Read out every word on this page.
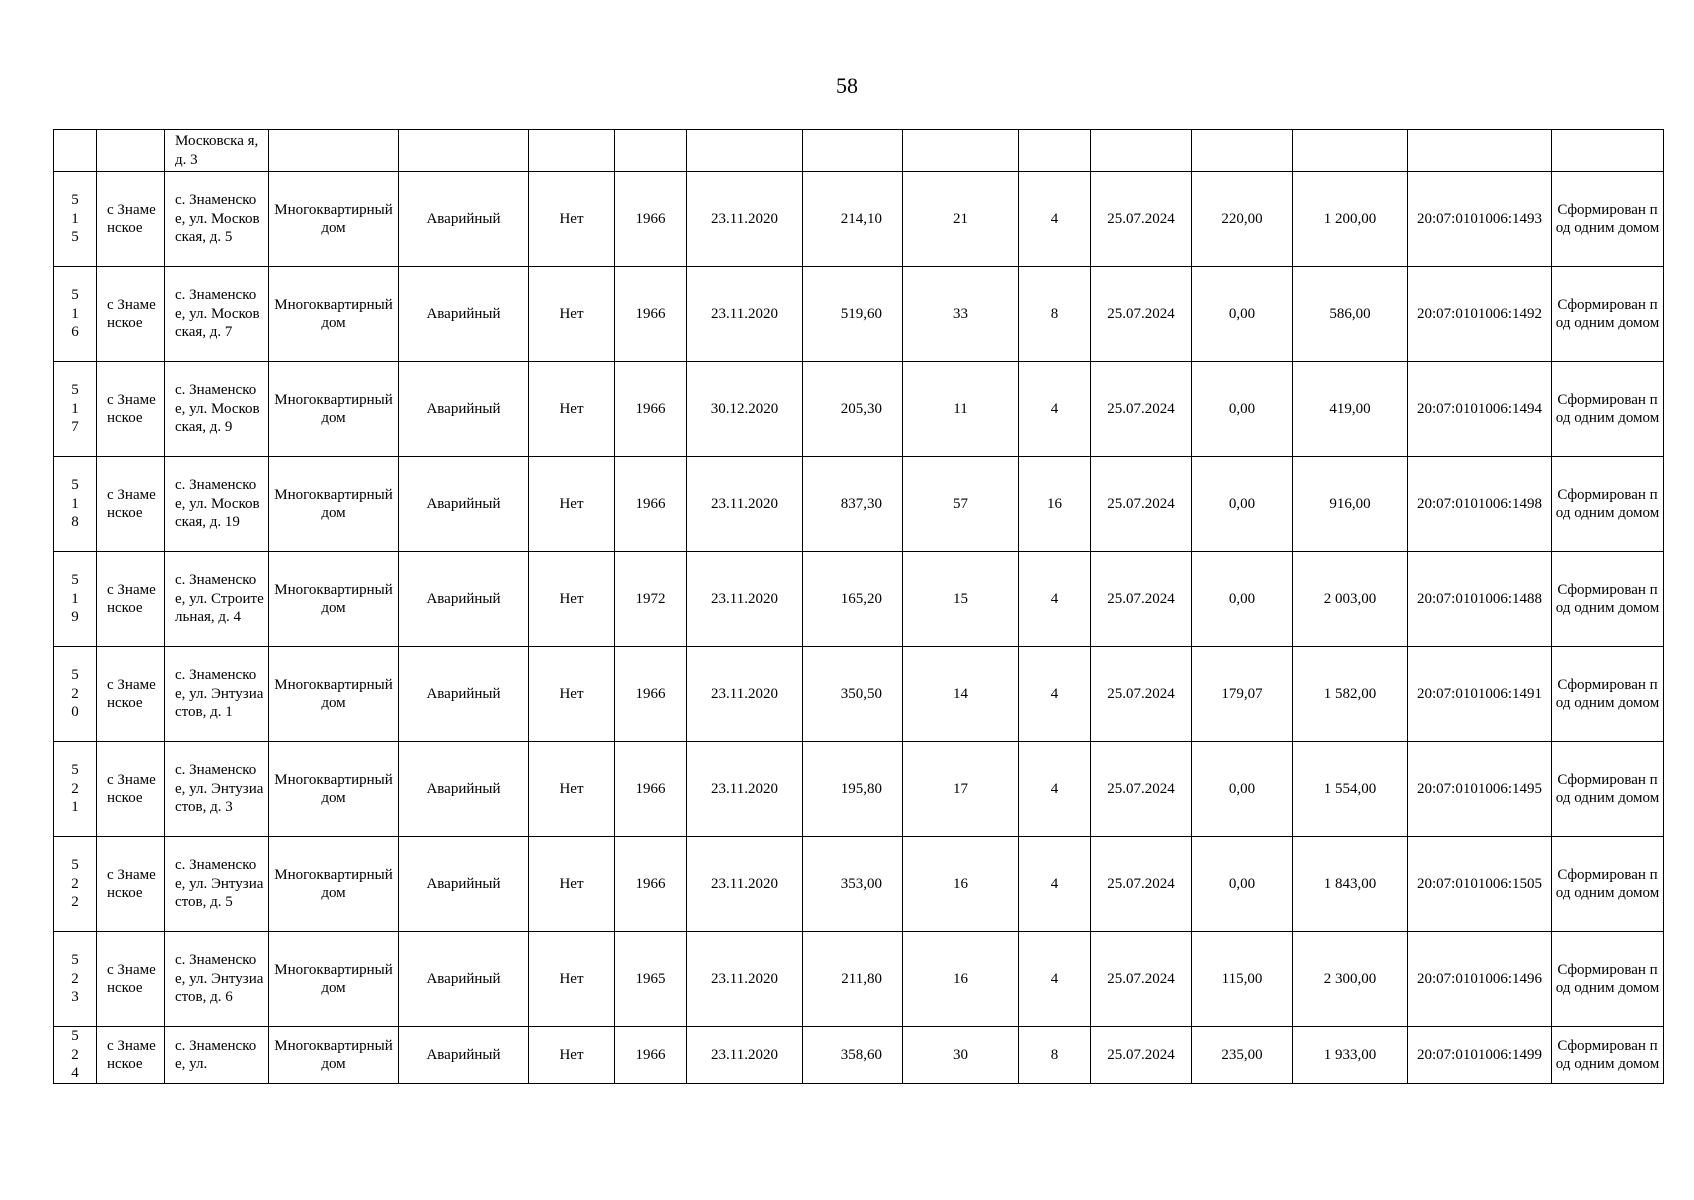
58
		Московска я, д. 3													
515	с Знаменское	с. Знаменское, ул. Московская, д. 5	Многоквартирный дом	Аварийный	Нет	1966	23.11.2020	214,10	21	4	25.07.2024	220,00	1 200,00	20:07:0101006:1493	Сформирован под одним домом
516	с Знаменское	с. Знаменское, ул. Московская, д. 7	Многоквартирный дом	Аварийный	Нет	1966	23.11.2020	519,60	33	8	25.07.2024	0,00	586,00	20:07:0101006:1492	Сформирован под одним домом
517	с Знаменское	с. Знаменское, ул. Московская, д. 9	Многоквартирный дом	Аварийный	Нет	1966	30.12.2020	205,30	11	4	25.07.2024	0,00	419,00	20:07:0101006:1494	Сформирован под одним домом
518	с Знаменское	с. Знаменское, ул. Московская, д. 19	Многоквартирный дом	Аварийный	Нет	1966	23.11.2020	837,30	57	16	25.07.2024	0,00	916,00	20:07:0101006:1498	Сформирован под одним домом
519	с Знаменское	с. Знаменское, ул. Строительная, д. 4	Многоквартирный дом	Аварийный	Нет	1972	23.11.2020	165,20	15	4	25.07.2024	0,00	2 003,00	20:07:0101006:1488	Сформирован под одним домом
520	с Знаменское	с. Знаменское, ул. Энтузиастов, д. 1	Многоквартирный дом	Аварийный	Нет	1966	23.11.2020	350,50	14	4	25.07.2024	179,07	1 582,00	20:07:0101006:1491	Сформирован под одним домом
521	с Знаменское	с. Знаменское, ул. Энтузиастов, д. 3	Многоквартирный дом	Аварийный	Нет	1966	23.11.2020	195,80	17	4	25.07.2024	0,00	1 554,00	20:07:0101006:1495	Сформирован под одним домом
522	с Знаменское	с. Знаменское, ул. Энтузиастов, д. 5	Многоквартирный дом	Аварийный	Нет	1966	23.11.2020	353,00	16	4	25.07.2024	0,00	1 843,00	20:07:0101006:1505	Сформирован под одним домом
523	с Знаменское	с. Знаменское, ул. Энтузиастов, д. 6	Многоквартирный дом	Аварийный	Нет	1965	23.11.2020	211,80	16	4	25.07.2024	115,00	2 300,00	20:07:0101006:1496	Сформирован под одним домом
524	с Знаменское	с. Знаменское, ул.	Многоквартирный дом	Аварийный	Нет	1966	23.11.2020	358,60	30	8	25.07.2024	235,00	1 933,00	20:07:0101006:1499	Сформирован под одним домом
